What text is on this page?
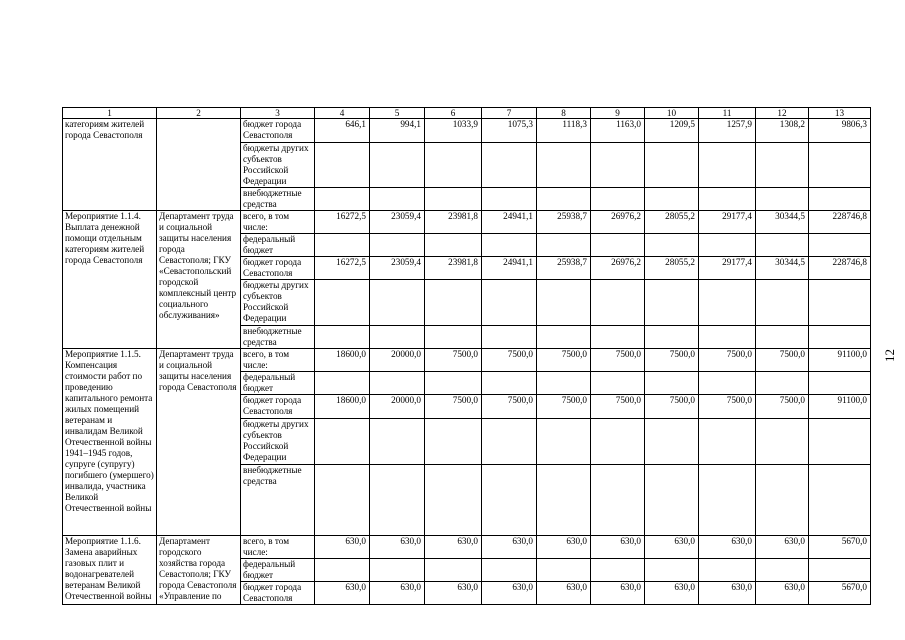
12
1	2	3	4	5	6	7	8	9	10	11	12	13
категориям жителей города Севастополя		бюджет города Севастополя	646,1	994,1	1033,9	1075,3	1118,3	1163,0	1209,5	1257,9	1308,2	9806,3
		бюджеты других субъектов Российской Федерации										
		внебюджетные средства										
Мероприятие 1.1.4. Выплата денежной помощи отдельным категориям жителей города Севастополя	Департамент труда и социальной защиты населения города Севастополя; ГКУ «Севастопольский городской комплексный центр социального обслуживания»	всего, в том числе:	16272,5	23059,4	23981,8	24941,1	25938,7	26976,2	28055,2	29177,4	30344,5	228746,8
		федеральный бюджет										
		бюджет города Севастополя	16272,5	23059,4	23981,8	24941,1	25938,7	26976,2	28055,2	29177,4	30344,5	228746,8
		бюджеты других субъектов Российской Федерации										
		внебюджетные средства										
Мероприятие 1.1.5. Компенсация стоимости работ по проведению капитального ремонта жилых помещений ветеранам и инвалидам Великой Отечественной войны 1941–1945 годов, супруге (супругу) погибшего (умершего) инвалида, участника Великой Отечественной войны	Департамент труда и социальной защиты населения города Севастополя	всего, в том числе:	18600,0	20000,0	7500,0	7500,0	7500,0	7500,0	7500,0	7500,0	7500,0	91100,0
		федеральный бюджет										
		бюджет города Севастополя	18600,0	20000,0	7500,0	7500,0	7500,0	7500,0	7500,0	7500,0	7500,0	91100,0
		бюджеты других субъектов Российской Федерации										
		внебюджетные средства										
Мероприятие 1.1.6. Замена аварийных газовых плит и водонагревателей ветеранам Великой Отечественной войны	Департамент городского хозяйства города Севастополя; ГКУ города Севастополя «Управление по	всего, в том числе:	630,0	630,0	630,0	630,0	630,0	630,0	630,0	630,0	630,0	5670,0
		федеральный бюджет										
		бюджет города Севастополя	630,0	630,0	630,0	630,0	630,0	630,0	630,0	630,0	630,0	5670,0
